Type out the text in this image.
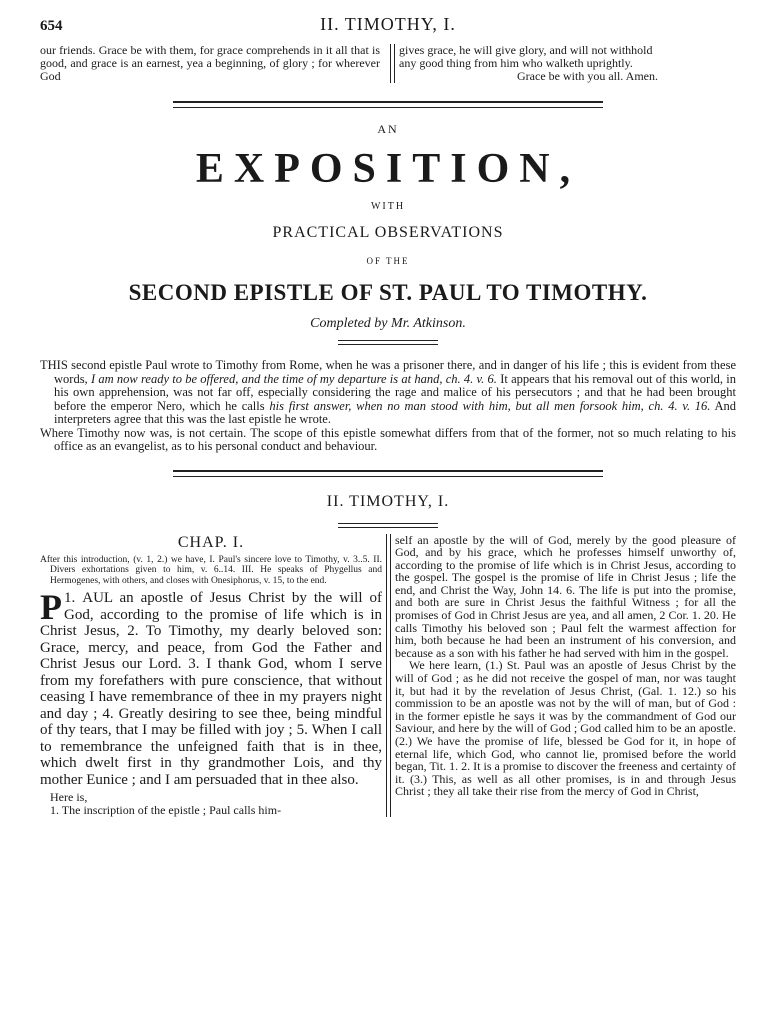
654	II. TIMOTHY, I.
our friends. Grace be with them, for grace comprehends in it all that is good, and grace is an earnest, yea a beginning, of glory ; for wherever God
gives grace, he will give glory, and will not withhold
any good thing from him who walketh uprightly.
Grace be with you all. Amen.
AN
EXPOSITION,
WITH
PRACTICAL OBSERVATIONS
OF THE
SECOND EPISTLE OF ST. PAUL TO TIMOTHY.
Completed by Mr. Atkinson.

THIS second epistle Paul wrote to Timothy from Rome, when he was a prisoner there, and in danger of his life ; this is evident from these words, I am now ready to be offered, and the time of my departure is at hand, ch. 4. v. 6. It appears that his removal out of this world, in his own apprehension, was not far off, especially considering the rage and malice of his persecutors ; and that he had been brought before the emperor Nero, which he calls his first answer, when no man stood with him, but all men forsook him, ch. 4. v. 16. And interpreters agree that this was the last epistle he wrote.

Where Timothy now was, is not certain. The scope of this epistle somewhat differs from that of the former, not so much relating to his office as an evangelist, as to his personal conduct and behaviour.

II. TIMOTHY, I.
CHAP. I.
After this introduction, (v. 1, 2.) we have, I. Paul's sincere love to Timothy, v. 3..5. II. Divers exhortations given to him, v. 6..14. III. He speaks of Phygellus and Hermogenes, with others, and closes with Onesiphorus, v. 15, to the end.

1.
P AUL an apostle of Jesus Christ by the will of God, according to the promise of life which is in Christ Jesus, 2. To Timothy, my dearly beloved son: Grace, mercy, and peace, from God the Father and Christ Jesus our Lord. 3. I thank God, whom I serve from my forefathers with pure conscience, that without ceasing I have remembrance of thee in my prayers night and day ; 4. Greatly desiring to see thee, being mindful of thy tears, that I may be filled with joy ; 5. When I call to remembrance the unfeigned faith that is in thee, which dwelt first in thy grandmother Lois, and thy mother Eunice ; and I am persuaded that in thee also.

Here is,

1. The inscription of the epistle ; Paul calls him-

self an apostle by the will of God, merely by the good pleasure of God, and by his grace, which he professes himself unworthy of, according to the promise of life which is in Christ Jesus, according to the gospel. The gospel is the promise of life in Christ Jesus ; life the end, and Christ the Way, John 14. 6. The life is put into the promise, and both are sure in Christ Jesus the faithful Witness ; for all the promises of God in Christ Jesus are yea, and all amen, 2 Cor. 1. 20. He calls Timothy his beloved son ; Paul felt the warmest affection for him, both because he had been an instrument of his conversion, and because as a son with his father he had served with him in the gospel.

We here learn, (1.) St. Paul was an apostle of Jesus Christ by the will of God ; as he did not receive the gospel of man, nor was taught it, but had it by the revelation of Jesus Christ, (Gal. 1. 12.) so his commission to be an apostle was not by the will of man, but of God : in the former epistle he says it was by the commandment of God our Saviour, and here by the will of God ; God called him to be an apostle. (2.) We have the promise of life, blessed be God for it, in hope of eternal life, which God, who cannot lie, promised before the world began, Tit. 1. 2. It is a promise to discover the freeness and certainty of it. (3.) This, as well as all other promises, is in and through Jesus Christ ; they all take their rise from the mercy of God in Christ,
